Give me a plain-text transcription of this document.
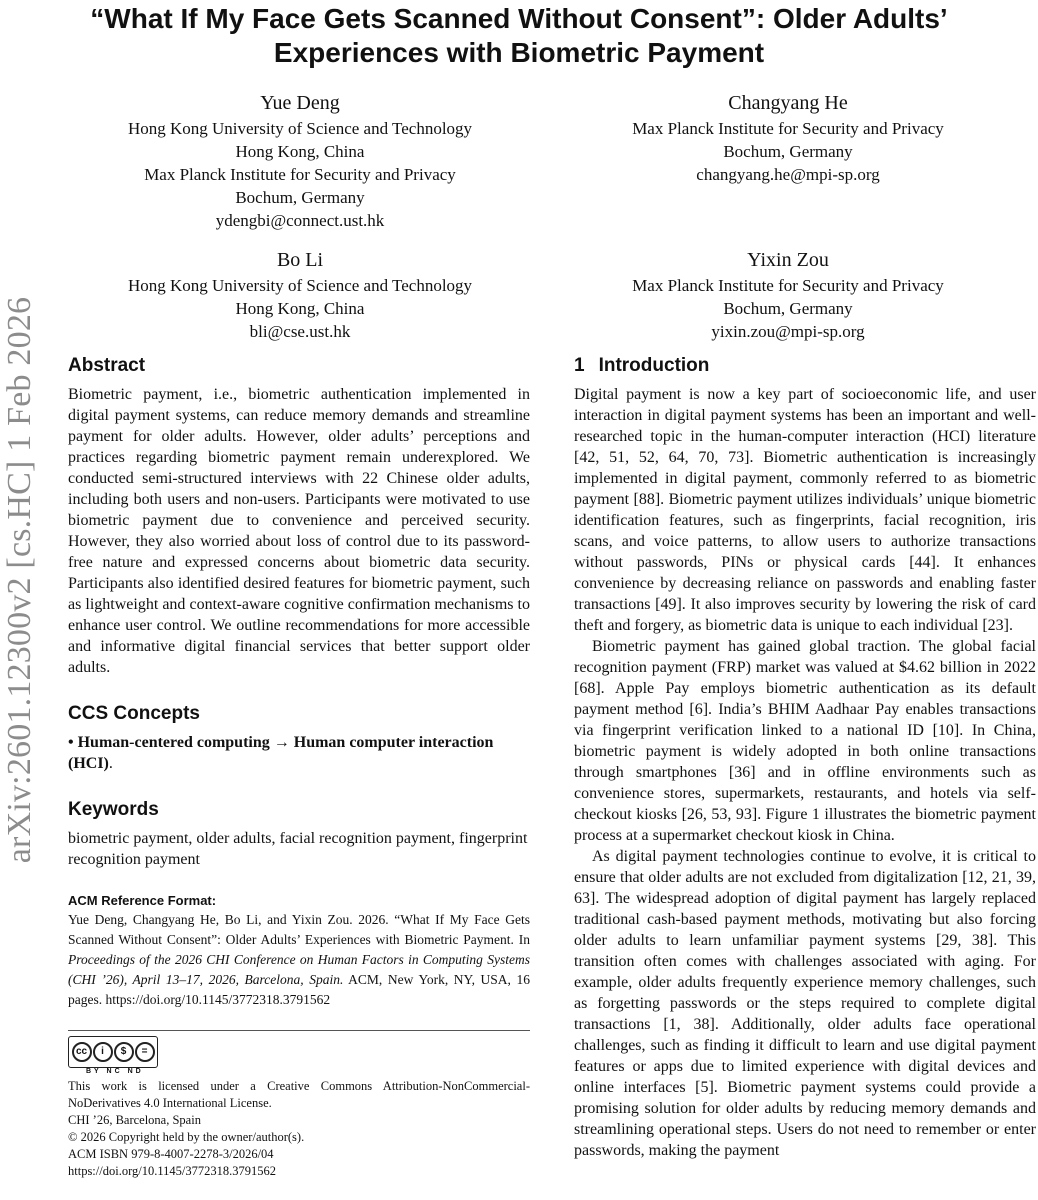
arXiv:2601.12300v2 [cs.HC] 1 Feb 2026
“What If My Face Gets Scanned Without Consent”: Older Adults’
Experiences with Biometric Payment
Yue Deng
Hong Kong University of Science and Technology
Hong Kong, China
Max Planck Institute for Security and Privacy
Bochum, Germany
ydengbi@connect.ust.hk
Changyang He
Max Planck Institute for Security and Privacy
Bochum, Germany
changyang.he@mpi-sp.org
Bo Li
Hong Kong University of Science and Technology
Hong Kong, China
bli@cse.ust.hk
Yixin Zou
Max Planck Institute for Security and Privacy
Bochum, Germany
yixin.zou@mpi-sp.org
Abstract

Biometric payment, i.e., biometric authentication implemented in digital payment systems, can reduce memory demands and streamline payment for older adults. However, older adults’ perceptions and practices regarding biometric payment remain underexplored. We conducted semi-structured interviews with 22 Chinese older adults, including both users and non-users. Participants were motivated to use biometric payment due to convenience and perceived security. However, they also worried about loss of control due to its password-free nature and expressed concerns about biometric data security. Participants also identified desired features for biometric payment, such as lightweight and context-aware cognitive confirmation mechanisms to enhance user control. We outline recommendations for more accessible and informative digital financial services that better support older adults.

CCS Concepts

• Human-centered computing → Human computer interaction (HCI).

Keywords

biometric payment, older adults, facial recognition payment, fingerprint recognition payment

ACM Reference Format:

Yue Deng, Changyang He, Bo Li, and Yixin Zou. 2026. “What If My Face Gets Scanned Without Consent”: Older Adults’ Experiences with Biometric Payment. In Proceedings of the 2026 CHI Conference on Human Factors in Computing Systems (CHI ’26), April 13–17, 2026, Barcelona, Spain. ACM, New York, NY, USA, 16 pages. https://doi.org/10.1145/3772318.3791562

cc	i	$	=
BY NC ND
This work is licensed under a Creative Commons Attribution-NonCommercial-NoDerivatives 4.0 International License.
CHI ’26, Barcelona, Spain
© 2026 Copyright held by the owner/author(s).
ACM ISBN 979-8-4007-2278-3/2026/04
https://doi.org/10.1145/3772318.3791562
1 Introduction

Digital payment is now a key part of socioeconomic life, and user interaction in digital payment systems has been an important and well-researched topic in the human-computer interaction (HCI) literature [42, 51, 52, 64, 70, 73]. Biometric authentication is increasingly implemented in digital payment, commonly referred to as biometric payment [88]. Biometric payment utilizes individuals’ unique biometric identification features, such as fingerprints, facial recognition, iris scans, and voice patterns, to allow users to authorize transactions without passwords, PINs or physical cards [44]. It enhances convenience by decreasing reliance on passwords and enabling faster transactions [49]. It also improves security by lowering the risk of card theft and forgery, as biometric data is unique to each individual [23].

Biometric payment has gained global traction. The global facial recognition payment (FRP) market was valued at $4.62 billion in 2022 [68]. Apple Pay employs biometric authentication as its default payment method [6]. India’s BHIM Aadhaar Pay enables transactions via fingerprint verification linked to a national ID [10]. In China, biometric payment is widely adopted in both online transactions through smartphones [36] and in offline environments such as convenience stores, supermarkets, restaurants, and hotels via self-checkout kiosks [26, 53, 93]. Figure 1 illustrates the biometric payment process at a supermarket checkout kiosk in China.

As digital payment technologies continue to evolve, it is critical to ensure that older adults are not excluded from digitalization [12, 21, 39, 63]. The widespread adoption of digital payment has largely replaced traditional cash-based payment methods, motivating but also forcing older adults to learn unfamiliar payment systems [29, 38]. This transition often comes with challenges associated with aging. For example, older adults frequently experience memory challenges, such as forgetting passwords or the steps required to complete digital transactions [1, 38]. Additionally, older adults face operational challenges, such as finding it difficult to learn and use digital payment features or apps due to limited experience with digital devices and online interfaces [5]. Biometric payment systems could provide a promising solution for older adults by reducing memory demands and streamlining operational steps. Users do not need to remember or enter passwords, making the payment
